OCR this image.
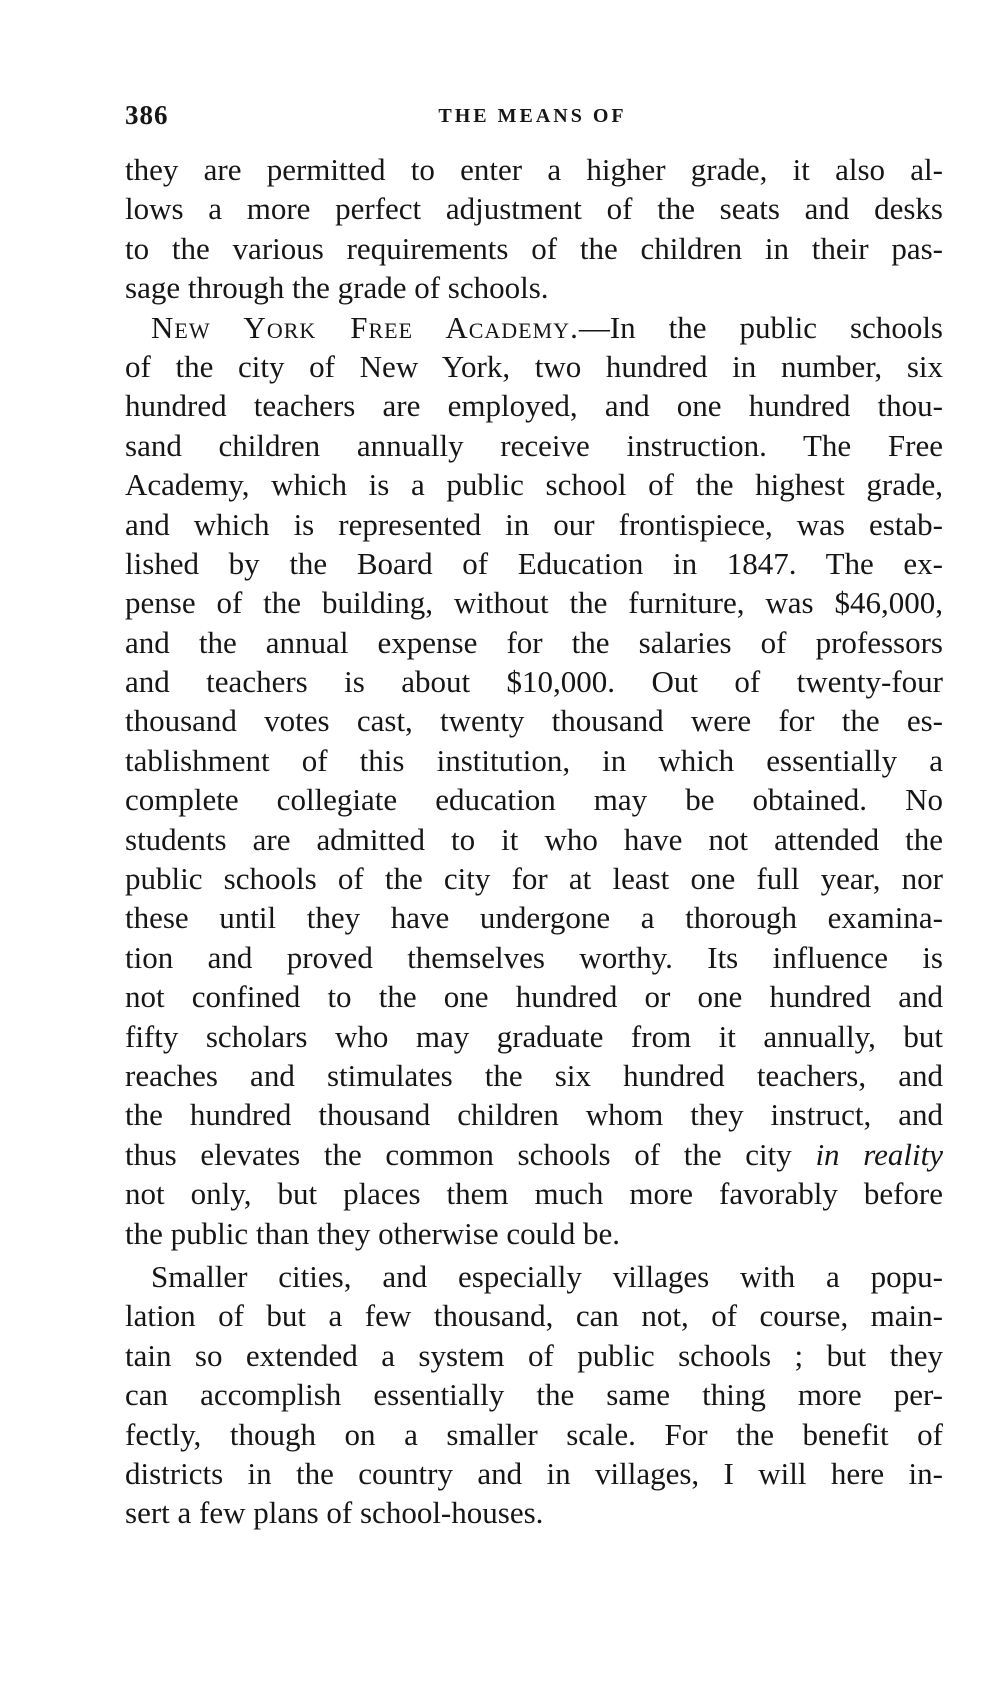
386	THE MEANS OF
they are permitted to enter a higher grade, it also al-
lows a more perfect adjustment of the seats and desks
to the various requirements of the children in their pas-
sage through the grade of schools.
New York Free Academy.—In the public schools
of the city of New York, two hundred in number, six
hundred teachers are employed, and one hundred thou-
sand children annually receive instruction. The Free
Academy, which is a public school of the highest grade,
and which is represented in our frontispiece, was estab-
lished by the Board of Education in 1847. The ex-
pense of the building, without the furniture, was $46,000,
and the annual expense for the salaries of professors
and teachers is about $10,000. Out of twenty-four
thousand votes cast, twenty thousand were for the es-
tablishment of this institution, in which essentially a
complete collegiate education may be obtained. No
students are admitted to it who have not attended the
public schools of the city for at least one full year, nor
these until they have undergone a thorough examina-
tion and proved themselves worthy. Its influence is
not confined to the one hundred or one hundred and
fifty scholars who may graduate from it annually, but
reaches and stimulates the six hundred teachers, and
the hundred thousand children whom they instruct, and
thus elevates the common schools of the city in reality
not only, but places them much more favorably before
the public than they otherwise could be.
Smaller cities, and especially villages with a popu-
lation of but a few thousand, can not, of course, main-
tain so extended a system of public schools ; but they
can accomplish essentially the same thing more per-
fectly, though on a smaller scale. For the benefit of
districts in the country and in villages, I will here in-
sert a few plans of school-houses.
